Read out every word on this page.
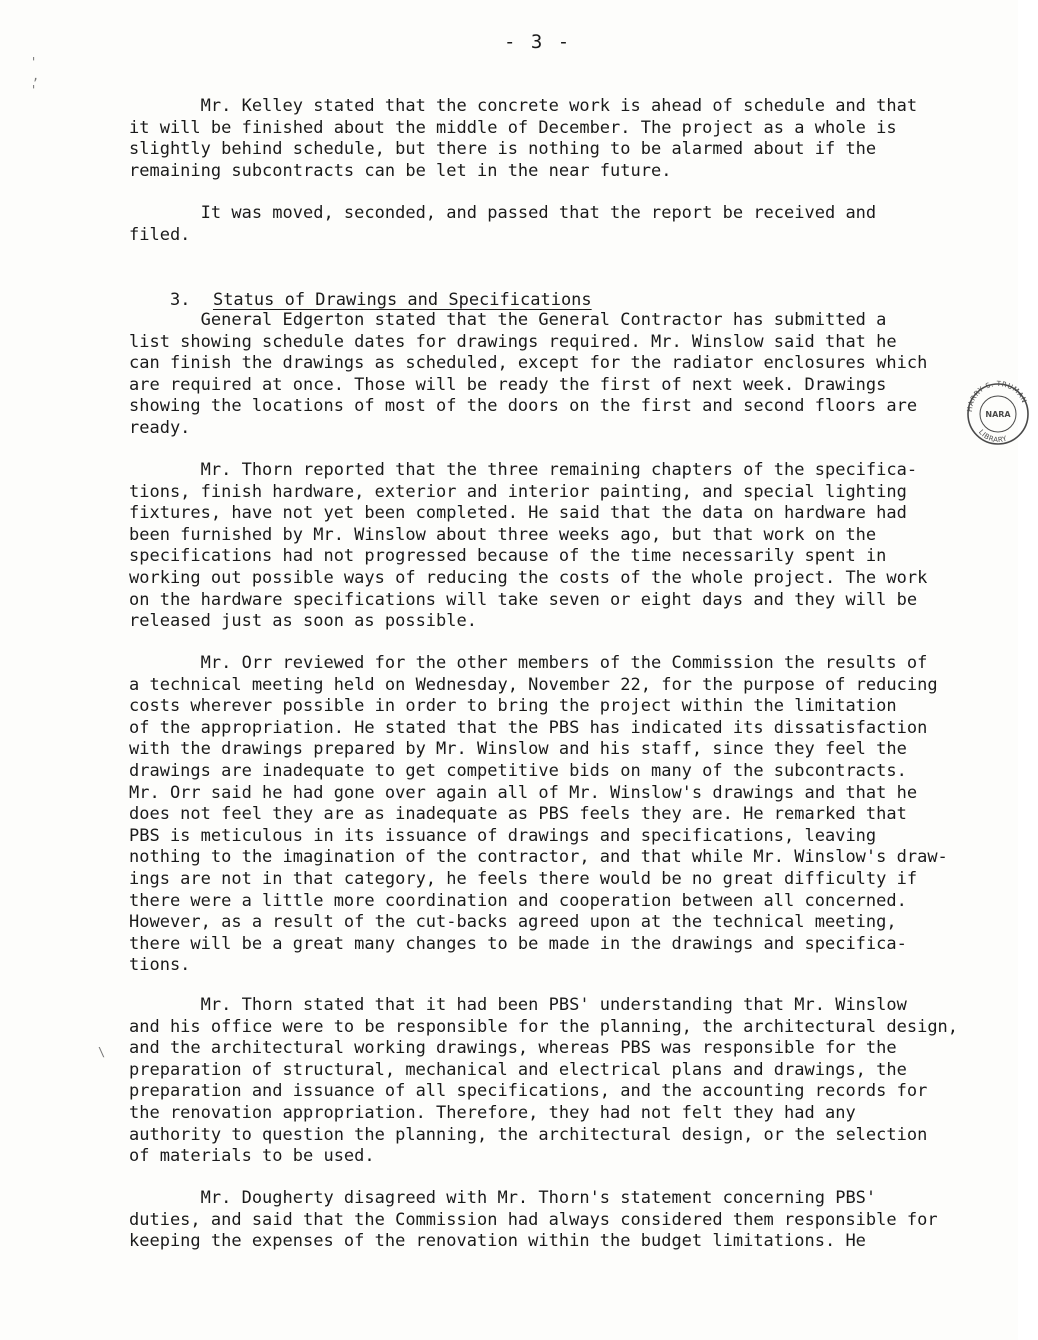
- 3 -
'
,
'
\
Mr. Kelley stated that the concrete work is ahead of schedule and that
it will be finished about the middle of December. The project as a whole is
slightly behind schedule, but there is nothing to be alarmed about if the
remaining subcontracts can be let in the near future.
It was moved, seconded, and passed that the report be received and
filed.

3. Status of Drawings and Specifications

General Edgerton stated that the General Contractor has submitted a
list showing schedule dates for drawings required. Mr. Winslow said that he
can finish the drawings as scheduled, except for the radiator enclosures which
are required at once. Those will be ready the first of next week. Drawings
showing the locations of most of the doors on the first and second floors are
ready.
Mr. Thorn reported that the three remaining chapters of the specifica-
tions, finish hardware, exterior and interior painting, and special lighting
fixtures, have not yet been completed. He said that the data on hardware had
been furnished by Mr. Winslow about three weeks ago, but that work on the
specifications had not progressed because of the time necessarily spent in
working out possible ways of reducing the costs of the whole project. The work
on the hardware specifications will take seven or eight days and they will be
released just as soon as possible.
Mr. Orr reviewed for the other members of the Commission the results of
a technical meeting held on Wednesday, November 22, for the purpose of reducing
costs wherever possible in order to bring the project within the limitation
of the appropriation. He stated that the PBS has indicated its dissatisfaction
with the drawings prepared by Mr. Winslow and his staff, since they feel the
drawings are inadequate to get competitive bids on many of the subcontracts.
Mr. Orr said he had gone over again all of Mr. Winslow's drawings and that he
does not feel they are as inadequate as PBS feels they are. He remarked that
PBS is meticulous in its issuance of drawings and specifications, leaving
nothing to the imagination of the contractor, and that while Mr. Winslow's draw-
ings are not in that category, he feels there would be no great difficulty if
there were a little more coordination and cooperation between all concerned.
However, as a result of the cut-backs agreed upon at the technical meeting,
there will be a great many changes to be made in the drawings and specifica-
tions.
Mr. Thorn stated that it had been PBS' understanding that Mr. Winslow
and his office were to be responsible for the planning, the architectural design,
and the architectural working drawings, whereas PBS was responsible for the
preparation of structural, mechanical and electrical plans and drawings, the
preparation and issuance of all specifications, and the accounting records for
the renovation appropriation. Therefore, they had not felt they had any
authority to question the planning, the architectural design, or the selection
of materials to be used.
Mr. Dougherty disagreed with Mr. Thorn's statement concerning PBS'
duties, and said that the Commission had always considered them responsible for
keeping the expenses of the renovation within the budget limitations. He
HARRY S. TRUMAN
LIBRARY
NARA
